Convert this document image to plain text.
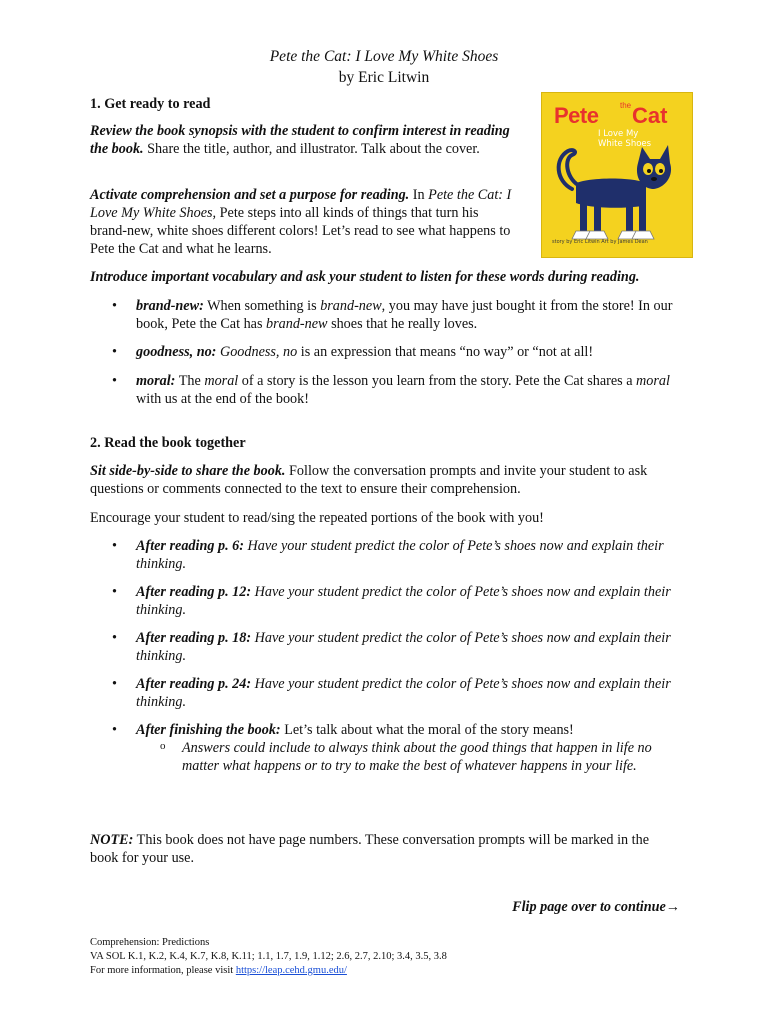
Pete the Cat: I Love My White Shoes
by Eric Litwin
Pete	the Cat
I Love My
White Shoes
story by Eric Litwin Art by James Dean
1. Get ready to read
Review the book synopsis with the student to confirm interest in reading the book. Share the title, author, and illustrator. Talk about the cover.
Activate comprehension and set a purpose for reading. In Pete the Cat: I Love My White Shoes, Pete steps into all kinds of things that turn his brand-new, white shoes different colors! Let’s read to see what happens to Pete the Cat and what he learns.
Introduce important vocabulary and ask your student to listen for these words during reading.
• brand-new: When something is brand-new, you may have just bought it from the store! In our book, Pete the Cat has brand-new shoes that he really loves.
• goodness, no: Goodness, no is an expression that means “no way” or “not at all!
• moral: The moral of a story is the lesson you learn from the story. Pete the Cat shares a moral with us at the end of the book!
2. Read the book together
Sit side-by-side to share the book. Follow the conversation prompts and invite your student to ask questions or comments connected to the text to ensure their comprehension.
Encourage your student to read/sing the repeated portions of the book with you!
• After reading p. 6: Have your student predict the color of Pete’s shoes now and explain their thinking.
• After reading p. 12: Have your student predict the color of Pete’s shoes now and explain their thinking.
• After reading p. 18: Have your student predict the color of Pete’s shoes now and explain their thinking.
• After reading p. 24: Have your student predict the color of Pete’s shoes now and explain their thinking.
• After finishing the book: Let’s talk about what the moral of the story means!
o Answers could include to always think about the good things that happen in life no matter what happens or to try to make the best of whatever happens in your life.
NOTE: This book does not have page numbers. These conversation prompts will be marked in the book for your use.
Flip page over to continue→
Comprehension: Predictions
VA SOL K.1, K.2, K.4, K.7, K.8, K.11; 1.1, 1.7, 1.9, 1.12; 2.6, 2.7, 2.10; 3.4, 3.5, 3.8
For more information, please visit https://leap.cehd.gmu.edu/
